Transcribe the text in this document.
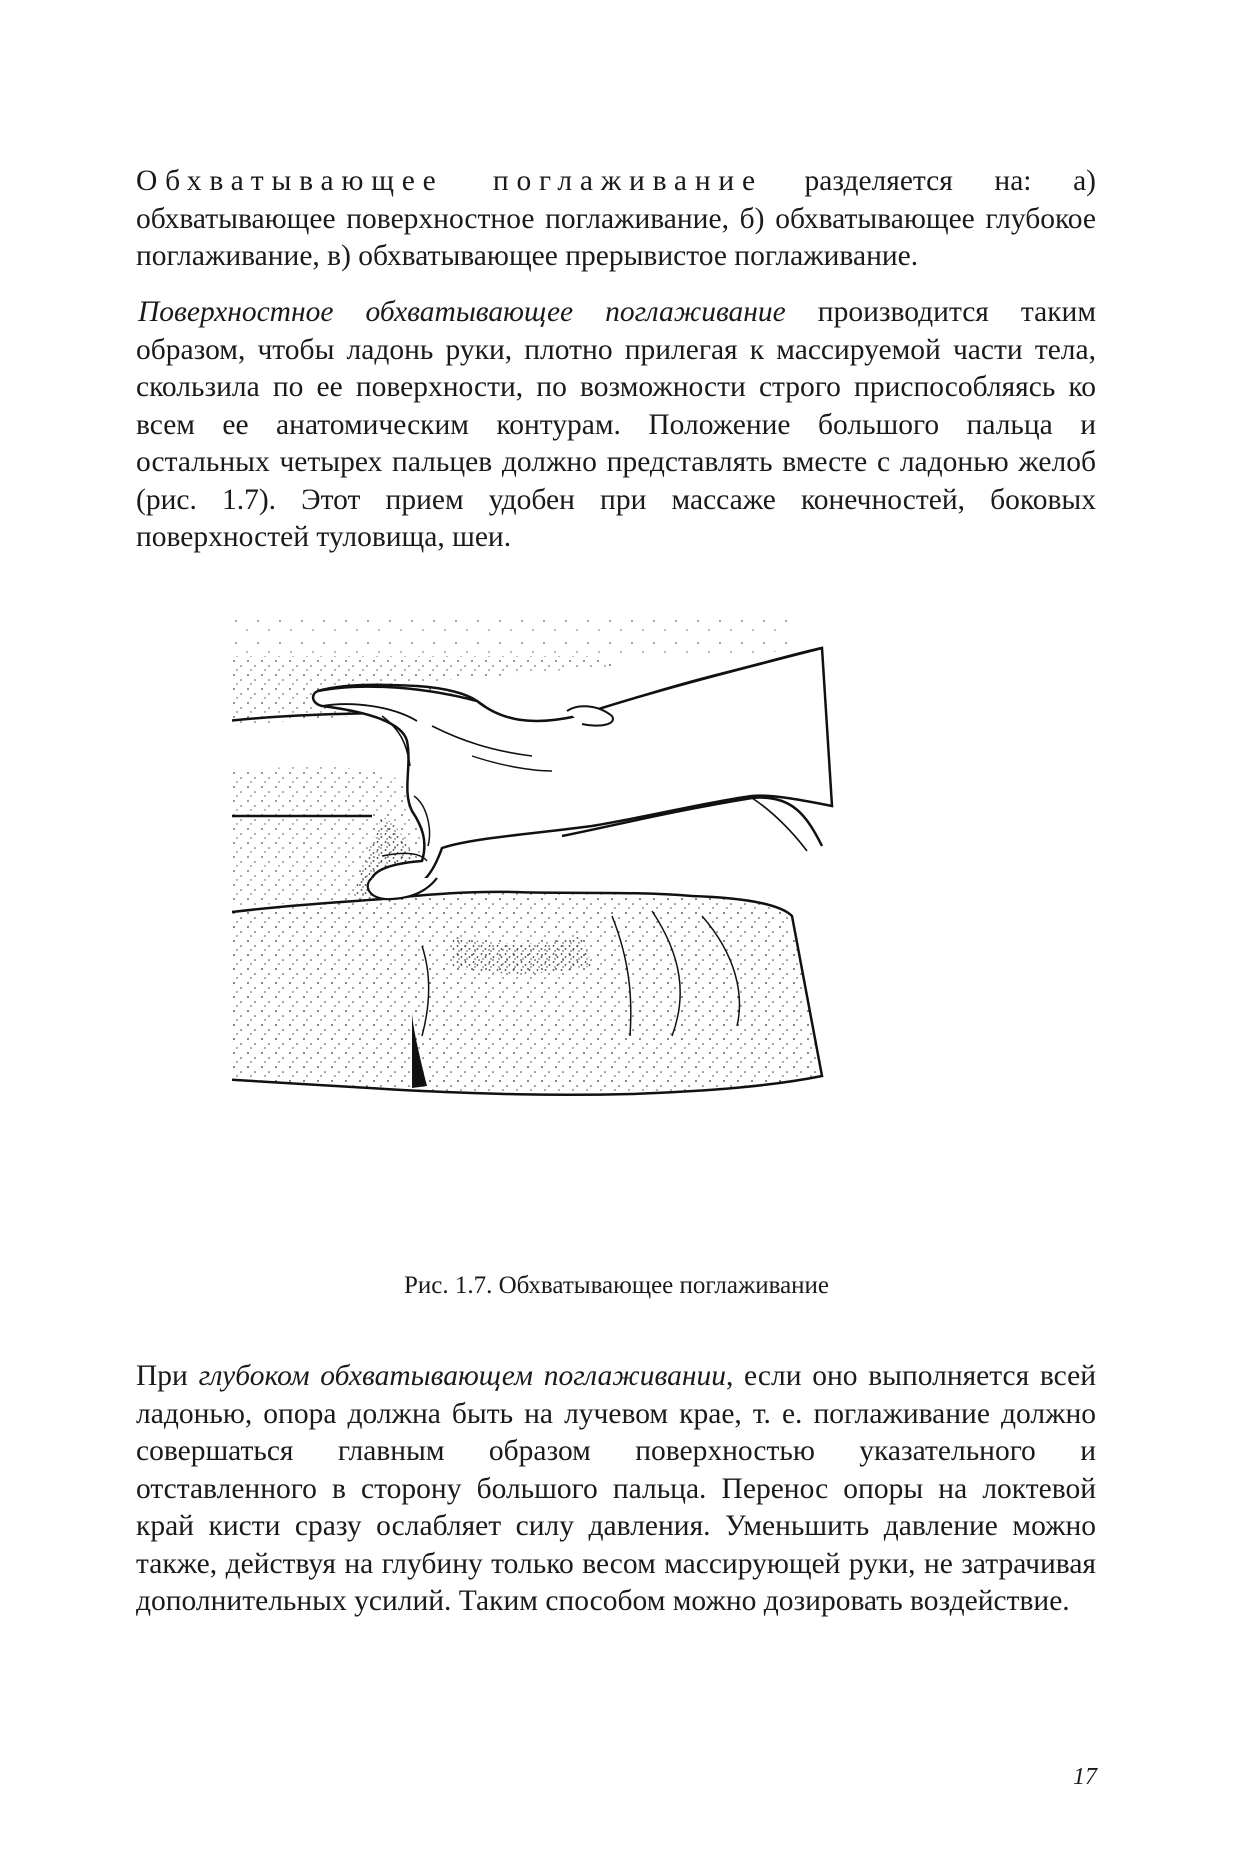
Обхватывающее поглаживание разделяется на: а) обхватывающее поверхностное поглаживание, б) обхватывающее глубокое поглаживание, в) обхватывающее прерывистое поглаживание.

Поверхностное обхватывающее поглаживание производится таким образом, чтобы ладонь руки, плотно прилегая к массируемой части тела, скользила по ее поверхности, по возможности строго приспособляясь ко всем ее анатомическим контурам. Положение большого пальца и остальных четырех пальцев должно представлять вместе с ладонью желоб (рис. 1.7). Этот прием удобен при массаже конечностей, боковых поверхностей туловища, шеи.

Рис. 1.7. Обхватывающее поглаживание

При глубоком обхватывающем поглаживании, если оно выполняется всей ладонью, опора должна быть на лучевом крае, т. е. поглаживание должно совершаться главным образом поверхностью указательного и отставленного в сторону большого пальца. Перенос опоры на локтевой край кисти сразу ослабляет силу давления. Уменьшить давление можно также, действуя на глубину только весом массирующей руки, не затрачивая дополнительных усилий. Таким способом можно дозировать воздействие.

17
